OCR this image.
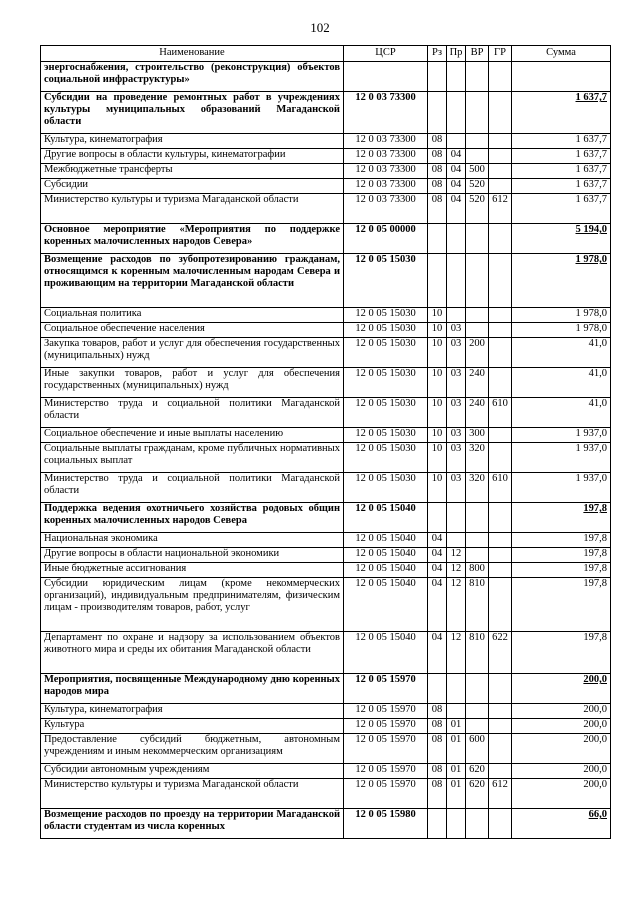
102
Наименование	ЦСР	Рз	Пр	ВР	ГР	Сумма
энергоснабжения, строительство (реконструкция) объектов социальной инфраструктуры»						
Субсидии на проведение ремонтных работ в учреждениях культуры муниципальных образований Магаданской области	12 0 03 73300					1 637,7
Культура, кинематография	12 0 03 73300	08				1 637,7
Другие вопросы в области культуры, кинематографии	12 0 03 73300	08	04			1 637,7
Межбюджетные трансферты	12 0 03 73300	08	04	500		1 637,7
Субсидии	12 0 03 73300	08	04	520		1 637,7
Министерство культуры и туризма Магаданской области	12 0 03 73300	08	04	520	612	1 637,7
Основное мероприятие «Мероприятия по поддержке коренных малочисленных народов Севера»	12 0 05 00000					5 194,0
Возмещение расходов по зубопротезированию гражданам, относящимся к коренным малочисленным народам Севера и проживающим на территории Магаданской области	12 0 05 15030					1 978,0
Социальная политика	12 0 05 15030	10				1 978,0
Социальное обеспечение населения	12 0 05 15030	10	03			1 978,0
Закупка товаров, работ и услуг для обеспечения государственных (муниципальных) нужд	12 0 05 15030	10	03	200		41,0
Иные закупки товаров, работ и услуг для обеспечения государственных (муниципальных) нужд	12 0 05 15030	10	03	240		41,0
Министерство труда и социальной политики Магаданской области	12 0 05 15030	10	03	240	610	41,0
Социальное обеспечение и иные выплаты населению	12 0 05 15030	10	03	300		1 937,0
Социальные выплаты гражданам, кроме публичных нормативных социальных выплат	12 0 05 15030	10	03	320		1 937,0
Министерство труда и социальной политики Магаданской области	12 0 05 15030	10	03	320	610	1 937,0
Поддержка ведения охотничьего хозяйства родовых общин коренных малочисленных народов Севера	12 0 05 15040					197,8
Национальная экономика	12 0 05 15040	04				197,8
Другие вопросы в области национальной экономики	12 0 05 15040	04	12			197,8
Иные бюджетные ассигнования	12 0 05 15040	04	12	800		197,8
Субсидии юридическим лицам (кроме некоммерческих организаций), индивидуальным предпринимателям, физическим лицам - производителям товаров, работ, услуг	12 0 05 15040	04	12	810		197,8
Департамент по охране и надзору за использованием объектов животного мира и среды их обитания Магаданской области	12 0 05 15040	04	12	810	622	197,8
Мероприятия, посвященные Международному дню коренных народов мира	12 0 05 15970					200,0
Культура, кинематография	12 0 05 15970	08				200,0
Культура	12 0 05 15970	08	01			200,0
Предоставление субсидий бюджетным, автономным учреждениям и иным некоммерческим организациям	12 0 05 15970	08	01	600		200,0
Субсидии автономным учреждениям	12 0 05 15970	08	01	620		200,0
Министерство культуры и туризма Магаданской области	12 0 05 15970	08	01	620	612	200,0
Возмещение расходов по проезду на территории Магаданской области студентам из числа коренных	12 0 05 15980					66,0
